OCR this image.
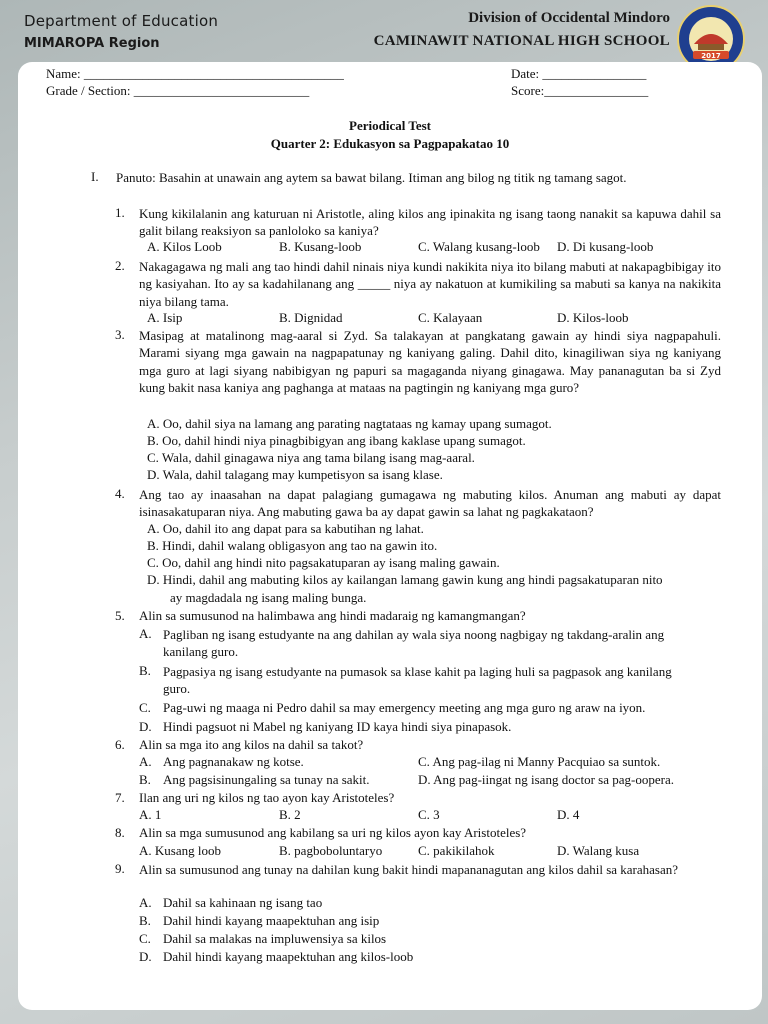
Department of Education
MIMAROPA Region
Division of Occidental Mindoro
CAMINAWIT NATIONAL HIGH SCHOOL
2017
Name: ________________________________________
Grade / Section: ___________________________
Date: ________________
Score:________________
Periodical Test
Quarter 2: Edukasyon sa Pagpapakatao 10
I. Panuto: Basahin at unawain ang aytem sa bawat bilang. Itiman ang bilog ng titik ng tamang sagot.
1. Kung kikilalanin ang katuruan ni Aristotle, aling kilos ang ipinakita ng isang taong nanakit sa kapuwa dahil sa galit bilang reaksiyon sa panloloko sa kaniya?
A. Kilos Loob	B. Kusang-loob	C. Walang kusang-loob D. Di kusang-loob
2. Nakagagawa ng mali ang tao hindi dahil ninais niya kundi nakikita niya ito bilang mabuti at nakapagbibigay ito ng kasiyahan. Ito ay sa kadahilanang ang _____ niya ay nakatuon at kumikiling sa mabuti sa kanya na nakikita niya bilang tama.
A. Isip	B. Dignidad	C. Kalayaan	D. Kilos-loob
3. Masipag at matalinong mag-aaral si Zyd. Sa talakayan at pangkatang gawain ay hindi siya nagpapahuli. Marami siyang mga gawain na nagpapatunay ng kaniyang galing. Dahil dito, kinagiliwan siya ng kaniyang mga guro at lagi siyang nabibigyan ng papuri sa magaganda niyang ginagawa. May pananagutan ba si Zyd kung bakit nasa kaniya ang paghanga at mataas na pagtingin ng kaniyang mga guro?
A. Oo, dahil siya na lamang ang parating nagtataas ng kamay upang sumagot.
B. Oo, dahil hindi niya pinagbibigyan ang ibang kaklase upang sumagot.
C. Wala, dahil ginagawa niya ang tama bilang isang mag-aaral.
D. Wala, dahil talagang may kumpetisyon sa isang klase.
4. Ang tao ay inaasahan na dapat palagiang gumagawa ng mabuting kilos. Anuman ang mabuti ay dapat isinasakatuparan niya. Ang mabuting gawa ba ay dapat gawin sa lahat ng pagkakataon?
A. Oo, dahil ito ang dapat para sa kabutihan ng lahat.
B. Hindi, dahil walang obligasyon ang tao na gawin ito.
C. Oo, dahil ang hindi nito pagsakatuparan ay isang maling gawain.
D. Hindi, dahil ang mabuting kilos ay kailangan lamang gawin kung ang hindi pagsakatuparan nito
ay magdadala ng isang maling bunga.
5. Alin sa sumusunod na halimbawa ang hindi madaraig ng kamangmangan?
A. Pagliban ng isang estudyante na ang dahilan ay wala siya noong nagbigay ng takdang-aralin ang
kanilang guro.
B. Pagpasiya ng isang estudyante na pumasok sa klase kahit pa laging huli sa pagpasok ang kanilang
guro.
C. Pag-uwi ng maaga ni Pedro dahil sa may emergency meeting ang mga guro ng araw na iyon.
D. Hindi pagsuot ni Mabel ng kaniyang ID kaya hindi siya pinapasok.
6. Alin sa mga ito ang kilos na dahil sa takot?
A. Ang pagnanakaw ng kotse.	C. Ang pag-ilag ni Manny Pacquiao sa suntok.
B. Ang pagsisinungaling sa tunay na sakit.	D. Ang pag-iingat ng isang doctor sa pag-oopera.
7. Ilan ang uri ng kilos ng tao ayon kay Aristoteles?
A. 1	B. 2	C. 3	D. 4
8. Alin sa mga sumusunod ang kabilang sa uri ng kilos ayon kay Aristoteles?
A. Kusang loob	B. pagboboluntaryo	C. pakikilahok	D. Walang kusa
9. Alin sa sumusunod ang tunay na dahilan kung bakit hindi mapananagutan ang kilos dahil sa karahasan?
A. Dahil sa kahinaan ng isang tao
B. Dahil hindi kayang maapektuhan ang isip
C. Dahil sa malakas na impluwensiya sa kilos
D. Dahil hindi kayang maapektuhan ang kilos-loob
